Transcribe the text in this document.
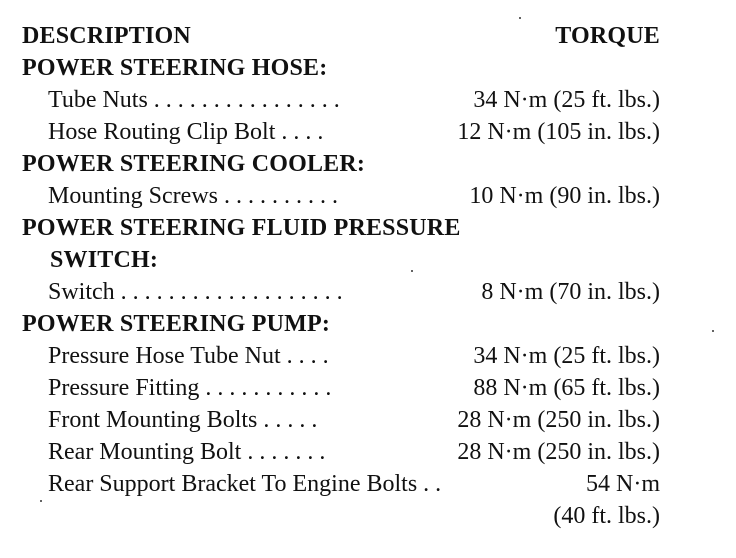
DESCRIPTION	TORQUE
POWER STEERING HOSE:
Tube Nuts . . . . . . . . . . . . . . . .	34 N·m (25 ft. lbs.)
Hose Routing Clip Bolt . . . .	12 N·m (105 in. lbs.)
POWER STEERING COOLER:
Mounting Screws . . . . . . . . . .	10 N·m (90 in. lbs.)
POWER STEERING FLUID PRESSURE
SWITCH:
Switch . . . . . . . . . . . . . . . . . . .	8 N·m (70 in. lbs.)
POWER STEERING PUMP:
Pressure Hose Tube Nut . . . .	34 N·m (25 ft. lbs.)
Pressure Fitting . . . . . . . . . . .	88 N·m (65 ft. lbs.)
Front Mounting Bolts . . . . .	28 N·m (250 in. lbs.)
Rear Mounting Bolt . . . . . . .	28 N·m (250 in. lbs.)
Rear Support Bracket To Engine Bolts . .	54 N·m
(40 ft. lbs.)
